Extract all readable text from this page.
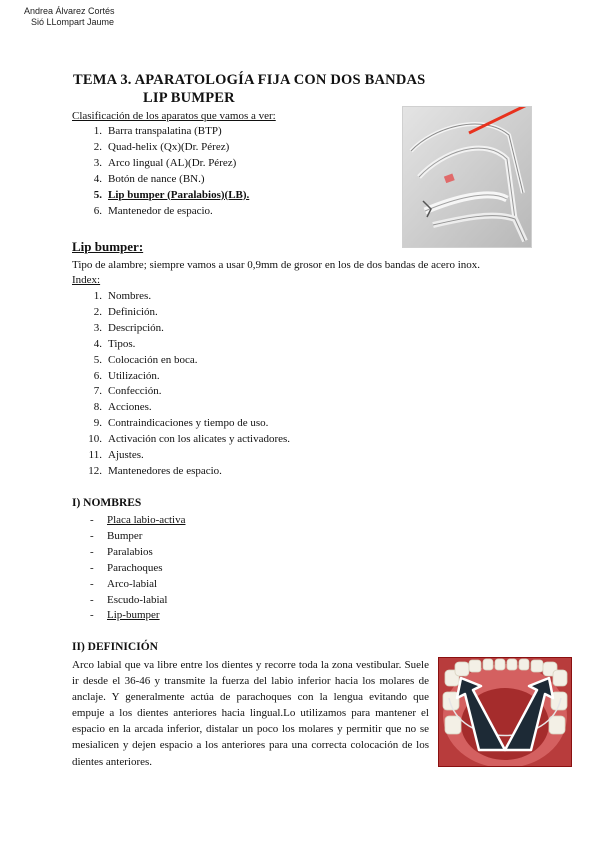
Andrea Álvarez Cortés
Sió LLompart Jaume
TEMA 3. APARATOLOGÍA FIJA CON DOS BANDAS
LIP BUMPER
Clasificación de los aparatos que vamos a ver:
1. Barra transpalatina (BTP)
2. Quad-helix (Qx)(Dr. Pérez)
3. Arco lingual (AL)(Dr. Pérez)
4. Botón de nance (BN.)
5. Lip bumper (Paralabios)(LB).
6. Mantenedor de espacio.
Lip bumper:
Tipo de alambre; siempre vamos a usar 0,9mm de grosor en los de dos bandas de acero inox.
Index:
1. Nombres.
2. Definición.
3. Descripción.
4. Tipos.
5. Colocación en boca.
6. Utilización.
7. Confección.
8. Acciones.
9. Contraindicaciones y tiempo de uso.
10. Activación con los alicates y activadores.
11. Ajustes.
12. Mantenedores de espacio.
I) NOMBRES
- Placa labio-activa
- Bumper
- Paralabios
- Parachoques
- Arco-labial
- Escudo-labial
- Lip-bumper
II) DEFINICIÓN
Arco labial que va libre entre los dientes y recorre toda la zona vestibular. Suele ir desde el 36-46 y transmite la fuerza del labio inferior hacia los molares de anclaje. Y generalmente actúa de parachoques con la lengua evitando que empuje a los dientes anteriores hacia lingual.Lo utilizamos para mantener el espacio en la arcada inferior, distalar un poco los molares y permitir que no se mesialicen y dejen espacio a los anteriores para una correcta colocación de los dientes anteriores.
